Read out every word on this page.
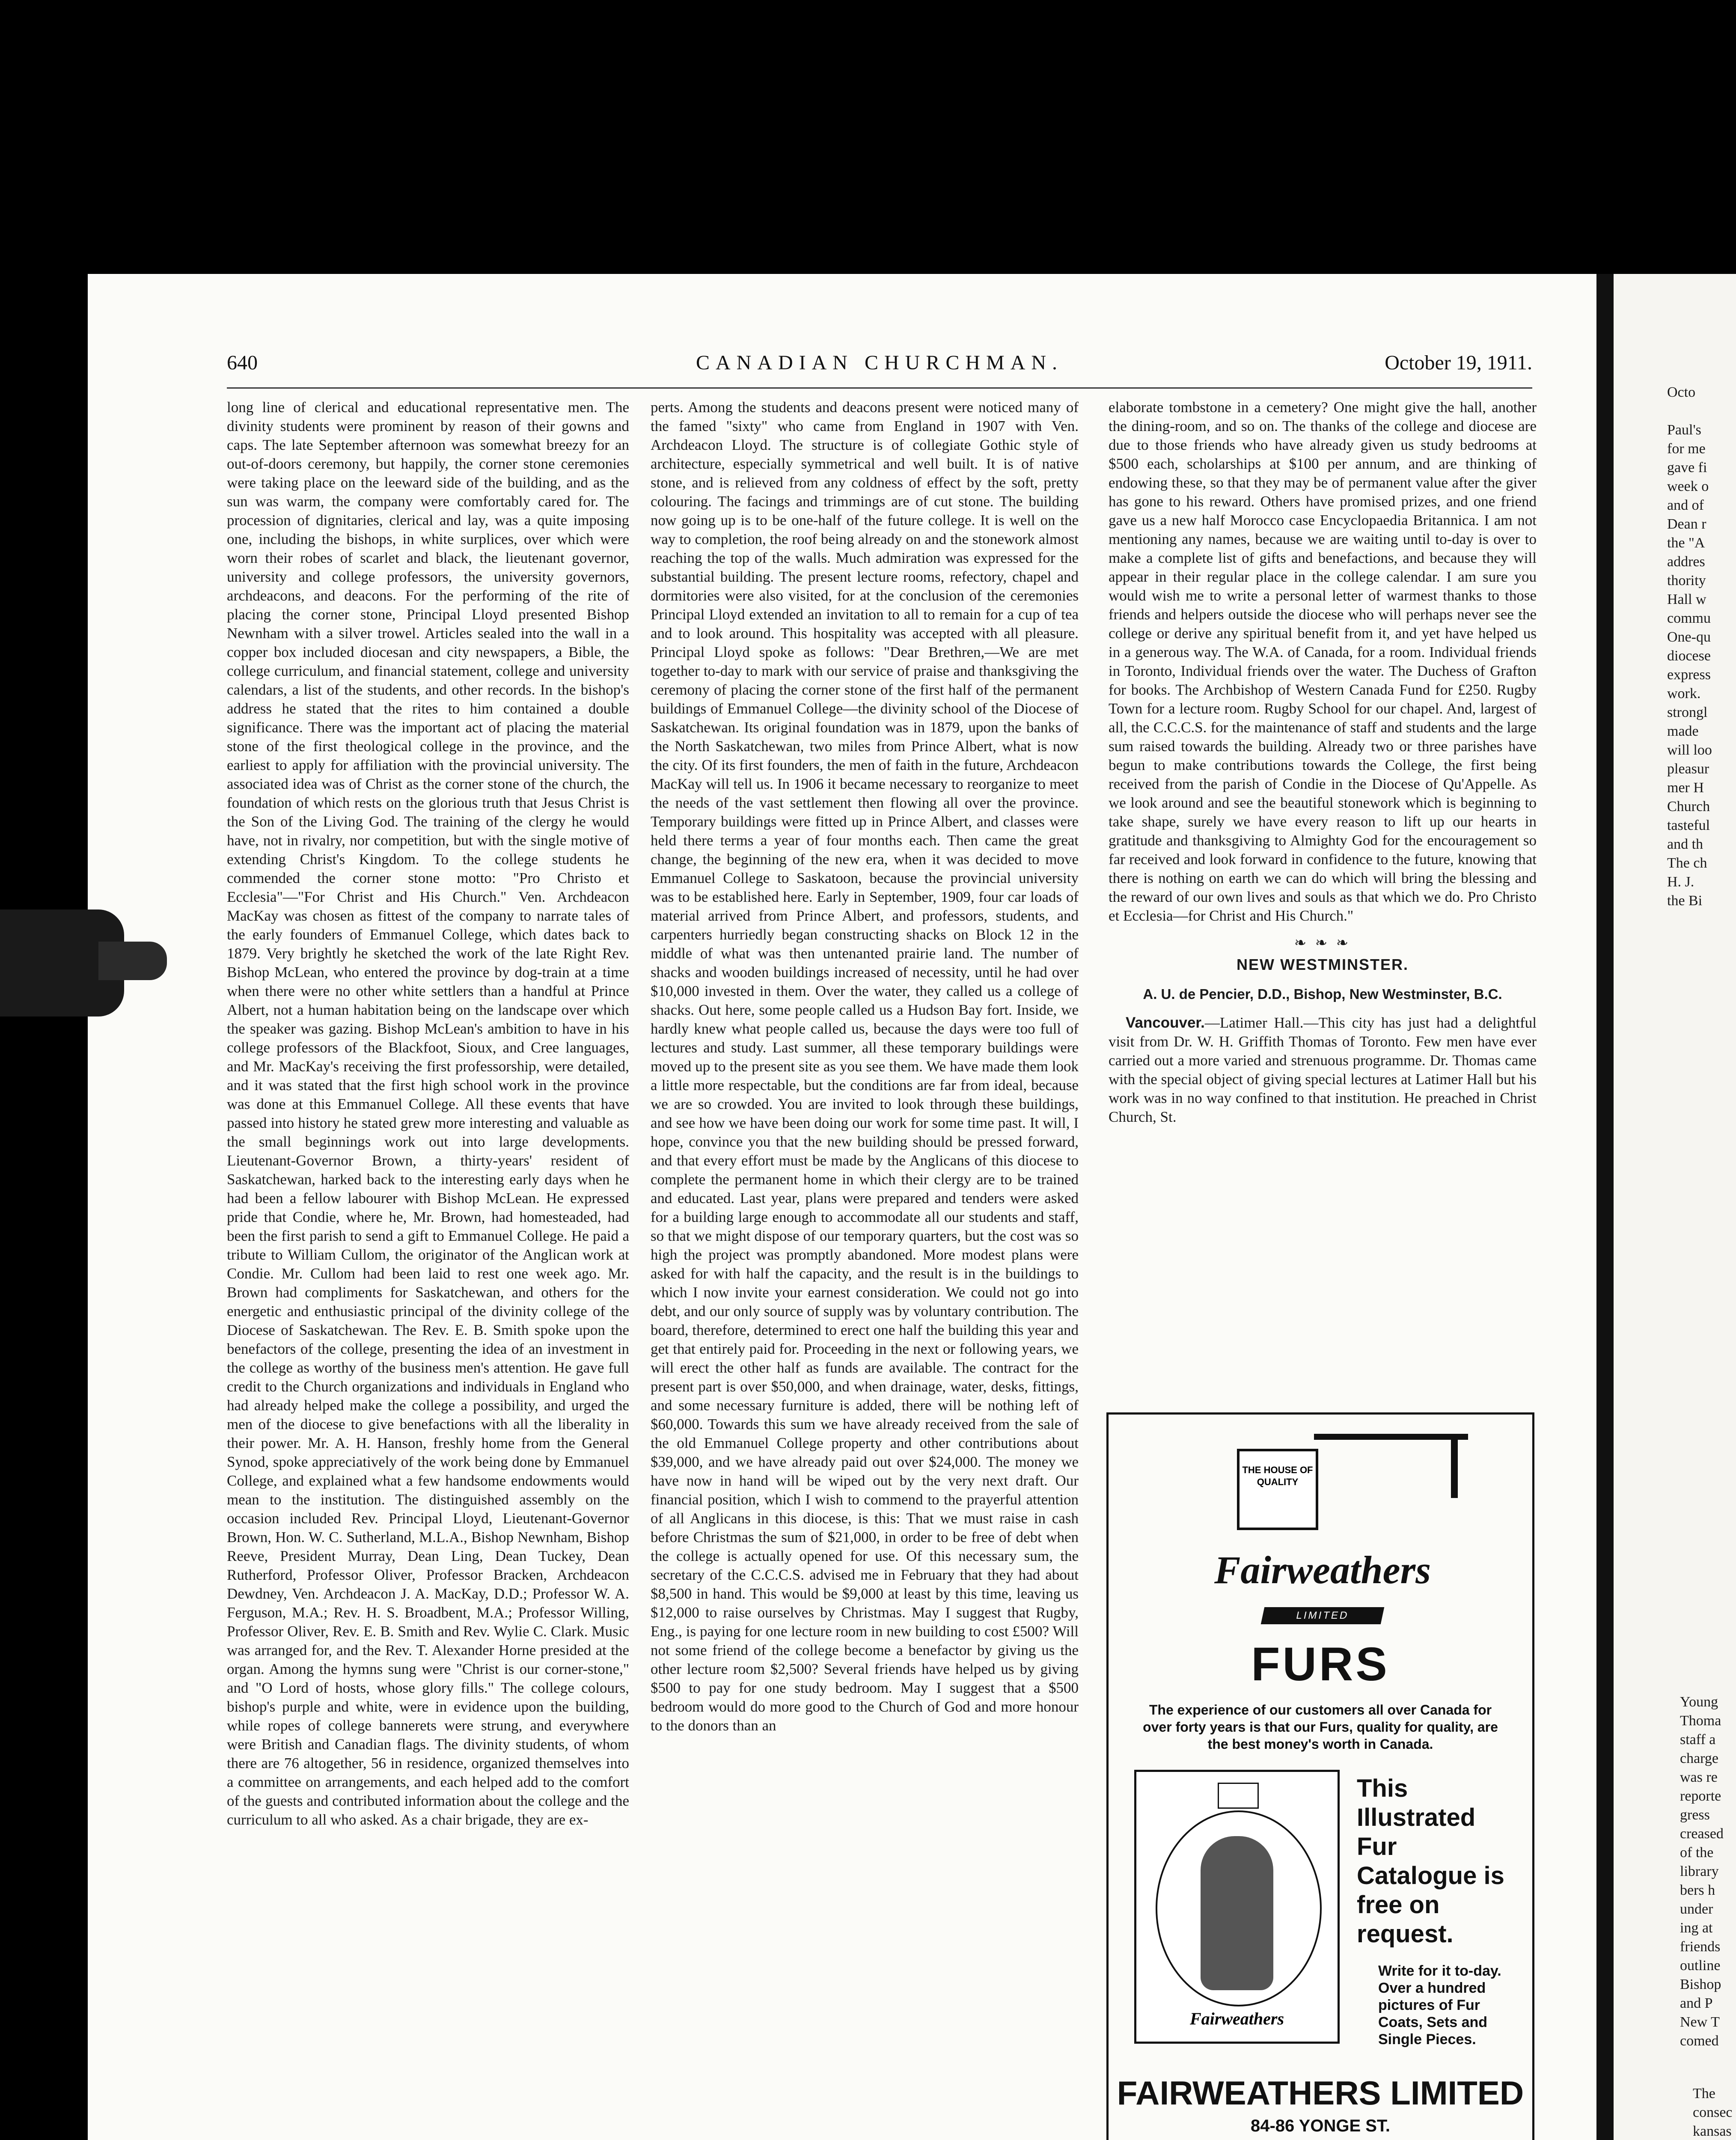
640	CANADIAN CHURCHMAN.	October 19, 1911.

long line of clerical and educational representative men. The divinity students were prominent by reason of their gowns and caps. The late September afternoon was somewhat breezy for an out-of-doors ceremony, but happily, the corner stone ceremonies were taking place on the leeward side of the building, and as the sun was warm, the company were comfortably cared for. The procession of dignitaries, clerical and lay, was a quite imposing one, including the bishops, in white surplices, over which were worn their robes of scarlet and black, the lieutenant governor, university and college professors, the university governors, archdeacons, and deacons. For the performing of the rite of placing the corner stone, Principal Lloyd presented Bishop Newnham with a silver trowel. Articles sealed into the wall in a copper box included diocesan and city newspapers, a Bible, the college curriculum, and financial statement, college and university calendars, a list of the students, and other records. In the bishop's address he stated that the rites to him contained a double significance. There was the important act of placing the material stone of the first theological college in the province, and the earliest to apply for affiliation with the provincial university. The associated idea was of Christ as the corner stone of the church, the foundation of which rests on the glorious truth that Jesus Christ is the Son of the Living God. The training of the clergy he would have, not in rivalry, nor competition, but with the single motive of extending Christ's Kingdom. To the college students he commended the corner stone motto: "Pro Christo et Ecclesia"—"For Christ and His Church." Ven. Archdeacon MacKay was chosen as fittest of the company to narrate tales of the early founders of Emmanuel College, which dates back to 1879. Very brightly he sketched the work of the late Right Rev. Bishop McLean, who entered the province by dog-train at a time when there were no other white settlers than a handful at Prince Albert, not a human habitation being on the landscape over which the speaker was gazing. Bishop McLean's ambition to have in his college professors of the Blackfoot, Sioux, and Cree languages, and Mr. MacKay's receiving the first professorship, were detailed, and it was stated that the first high school work in the province was done at this Emmanuel College. All these events that have passed into history he stated grew more interesting and valuable as the small beginnings work out into large developments. Lieutenant-Governor Brown, a thirty-years' resident of Saskatchewan, harked back to the interesting early days when he had been a fellow labourer with Bishop McLean. He expressed pride that Condie, where he, Mr. Brown, had homesteaded, had been the first parish to send a gift to Emmanuel College. He paid a tribute to William Cullom, the originator of the Anglican work at Condie. Mr. Cullom had been laid to rest one week ago. Mr. Brown had compliments for Saskatchewan, and others for the energetic and enthusiastic principal of the divinity college of the Diocese of Saskatchewan. The Rev. E. B. Smith spoke upon the benefactors of the college, presenting the idea of an investment in the college as worthy of the business men's attention. He gave full credit to the Church organizations and individuals in England who had already helped make the college a possibility, and urged the men of the diocese to give benefactions with all the liberality in their power. Mr. A. H. Hanson, freshly home from the General Synod, spoke appreciatively of the work being done by Emmanuel College, and explained what a few handsome endowments would mean to the institution. The distinguished assembly on the occasion included Rev. Principal Lloyd, Lieutenant-Governor Brown, Hon. W. C. Sutherland, M.L.A., Bishop Newnham, Bishop Reeve, President Murray, Dean Ling, Dean Tuckey, Dean Rutherford, Professor Oliver, Professor Bracken, Archdeacon Dewdney, Ven. Archdeacon J. A. MacKay, D.D.; Professor W. A. Ferguson, M.A.; Rev. H. S. Broadbent, M.A.; Professor Willing, Professor Oliver, Rev. E. B. Smith and Rev. Wylie C. Clark. Music was arranged for, and the Rev. T. Alexander Horne presided at the organ. Among the hymns sung were "Christ is our corner-stone," and "O Lord of hosts, whose glory fills." The college colours, bishop's purple and white, were in evidence upon the building, while ropes of college bannerets were strung, and everywhere were British and Canadian flags. The divinity students, of whom there are 76 altogether, 56 in residence, organized themselves into a committee on arrangements, and each helped add to the comfort of the guests and contributed information about the college and the curriculum to all who asked. As a chair brigade, they are ex-

perts. Among the students and deacons present were noticed many of the famed "sixty" who came from England in 1907 with Ven. Archdeacon Lloyd. The structure is of collegiate Gothic style of architecture, especially symmetrical and well built. It is of native stone, and is relieved from any coldness of effect by the soft, pretty colouring. The facings and trimmings are of cut stone. The building now going up is to be one-half of the future college. It is well on the way to completion, the roof being already on and the stonework almost reaching the top of the walls. Much admiration was expressed for the substantial building. The present lecture rooms, refectory, chapel and dormitories were also visited, for at the conclusion of the ceremonies Principal Lloyd extended an invitation to all to remain for a cup of tea and to look around. This hospitality was accepted with all pleasure. Principal Lloyd spoke as follows: "Dear Brethren,—We are met together to-day to mark with our service of praise and thanksgiving the ceremony of placing the corner stone of the first half of the permanent buildings of Emmanuel College—the divinity school of the Diocese of Saskatchewan. Its original foundation was in 1879, upon the banks of the North Saskatchewan, two miles from Prince Albert, what is now the city. Of its first founders, the men of faith in the future, Archdeacon MacKay will tell us. In 1906 it became necessary to reorganize to meet the needs of the vast settlement then flowing all over the province. Temporary buildings were fitted up in Prince Albert, and classes were held there terms a year of four months each. Then came the great change, the beginning of the new era, when it was decided to move Emmanuel College to Saskatoon, because the provincial university was to be established here. Early in September, 1909, four car loads of material arrived from Prince Albert, and professors, students, and carpenters hurriedly began constructing shacks on Block 12 in the middle of what was then untenanted prairie land. The number of shacks and wooden buildings increased of necessity, until he had over $10,000 invested in them. Over the water, they called us a college of shacks. Out here, some people called us a Hudson Bay fort. Inside, we hardly knew what people called us, because the days were too full of lectures and study. Last summer, all these temporary buildings were moved up to the present site as you see them. We have made them look a little more respectable, but the conditions are far from ideal, because we are so crowded. You are invited to look through these buildings, and see how we have been doing our work for some time past. It will, I hope, convince you that the new building should be pressed forward, and that every effort must be made by the Anglicans of this diocese to complete the permanent home in which their clergy are to be trained and educated. Last year, plans were prepared and tenders were asked for a building large enough to accommodate all our students and staff, so that we might dispose of our temporary quarters, but the cost was so high the project was promptly abandoned. More modest plans were asked for with half the capacity, and the result is in the buildings to which I now invite your earnest consideration. We could not go into debt, and our only source of supply was by voluntary contribution. The board, therefore, determined to erect one half the building this year and get that entirely paid for. Proceeding in the next or following years, we will erect the other half as funds are available. The contract for the present part is over $50,000, and when drainage, water, desks, fittings, and some necessary furniture is added, there will be nothing left of $60,000. Towards this sum we have already received from the sale of the old Emmanuel College property and other contributions about $39,000, and we have already paid out over $24,000. The money we have now in hand will be wiped out by the very next draft. Our financial position, which I wish to commend to the prayerful attention of all Anglicans in this diocese, is this: That we must raise in cash before Christmas the sum of $21,000, in order to be free of debt when the college is actually opened for use. Of this necessary sum, the secretary of the C.C.C.S. advised me in February that they had about $8,500 in hand. This would be $9,000 at least by this time, leaving us $12,000 to raise ourselves by Christmas. May I suggest that Rugby, Eng., is paying for one lecture room in new building to cost £500? Will not some friend of the college become a benefactor by giving us the other lecture room $2,500? Several friends have helped us by giving $500 to pay for one study bedroom. May I suggest that a $500 bedroom would do more good to the Church of God and more honour to the donors than an

elaborate tombstone in a cemetery? One might give the hall, another the dining-room, and so on. The thanks of the college and diocese are due to those friends who have already given us study bedrooms at $500 each, scholarships at $100 per annum, and are thinking of endowing these, so that they may be of permanent value after the giver has gone to his reward. Others have promised prizes, and one friend gave us a new half Morocco case Encyclopaedia Britannica. I am not mentioning any names, because we are waiting until to-day is over to make a complete list of gifts and benefactions, and because they will appear in their regular place in the college calendar. I am sure you would wish me to write a personal letter of warmest thanks to those friends and helpers outside the diocese who will perhaps never see the college or derive any spiritual benefit from it, and yet have helped us in a generous way. The W.A. of Canada, for a room. Individual friends in Toronto, Individual friends over the water. The Duchess of Grafton for books. The Archbishop of Western Canada Fund for £250. Rugby Town for a lecture room. Rugby School for our chapel. And, largest of all, the C.C.C.S. for the maintenance of staff and students and the large sum raised towards the building. Already two or three parishes have begun to make contributions towards the College, the first being received from the parish of Condie in the Diocese of Qu'Appelle. As we look around and see the beautiful stonework which is beginning to take shape, surely we have every reason to lift up our hearts in gratitude and thanksgiving to Almighty God for the encouragement so far received and look forward in confidence to the future, knowing that there is nothing on earth we can do which will bring the blessing and the reward of our own lives and souls as that which we do. Pro Christo et Ecclesia—for Christ and His Church."

❧ ❧ ❧
NEW WESTMINSTER.
A. U. de Pencier, D.D., Bishop, New Westminster, B.C.

Vancouver.—Latimer Hall.—This city has just had a delightful visit from Dr. W. H. Griffith Thomas of Toronto. Few men have ever carried out a more varied and strenuous programme. Dr. Thomas came with the special object of giving special lectures at Latimer Hall but his work was in no way confined to that institution. He preached in Christ Church, St.

THE HOUSE OF QUALITY
Fairweathers
LIMITED
FURS
The experience of our customers all over Canada for over forty years is that our Furs, quality for quality, are the best money's worth in Canada.
Fairweathers
This Illustrated Fur Catalogue is free on request.
Write for it to-day. Over a hundred pictures of Fur Coats, Sets and Single Pieces.
FAIRWEATHERS LIMITED
84-86 YONGE ST.
Octo

Paul's
for me
gave fi
week o
and of
Dean r
the "A
addres
thority
Hall w
commu
One-qu
diocese
express
work.
strongl
made
will loo
pleasur
mer H
Church
tasteful
and th
The ch
H. J.
the Bi
Young
Thoma
staff a
charge
was re
reporte
gress
creased
of the
library
bers h
under
ing at
friends
outline
Bishop
and P
New T
comed
The
consec
kansas
